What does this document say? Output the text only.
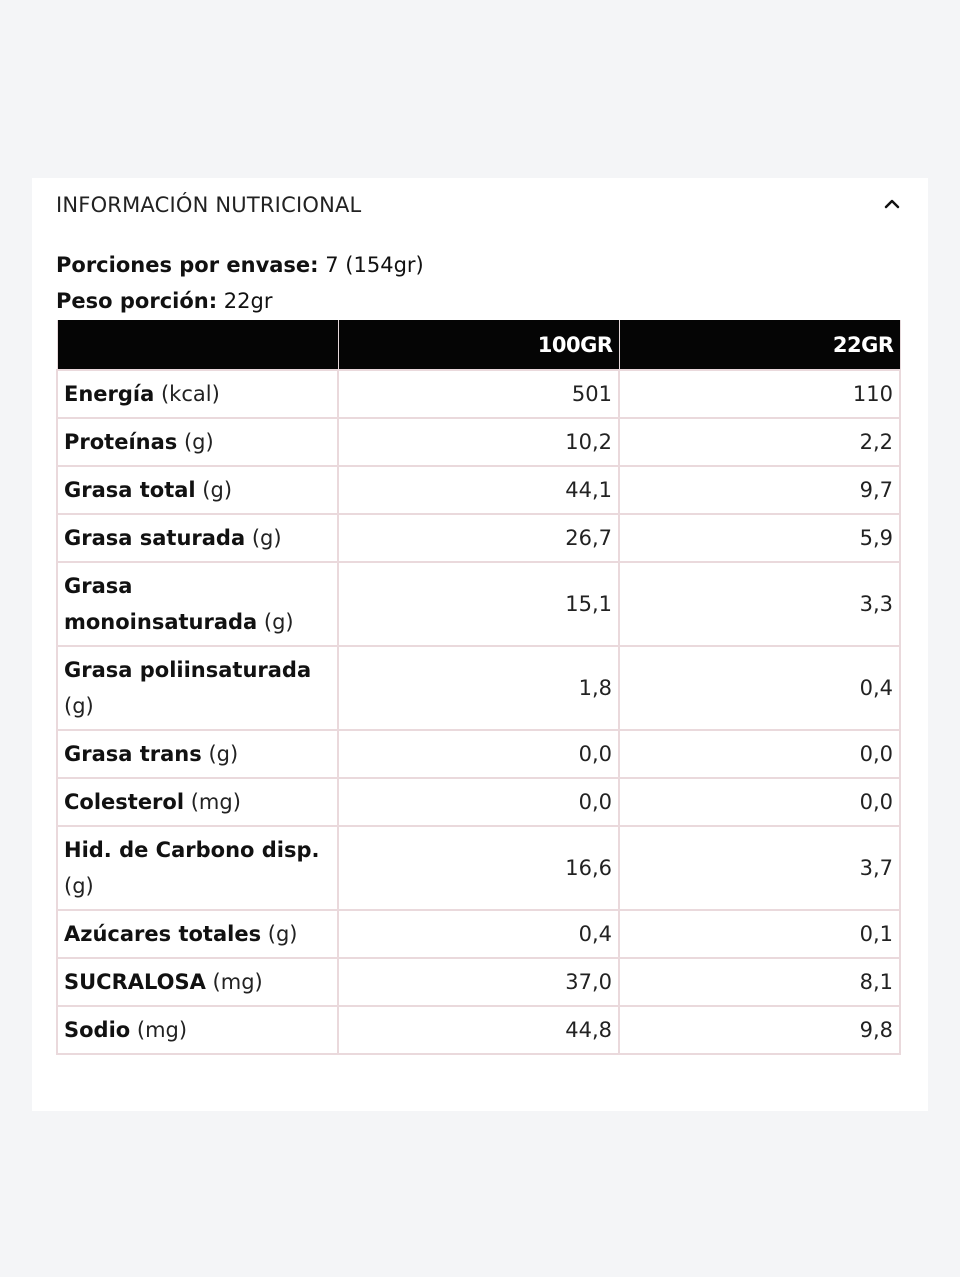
INFORMACIÓN NUTRICIONAL
Porciones por envase: 7 (154gr)
Peso porción: 22gr
	100GR	22GR
Energía (kcal)	501	110
Proteínas (g)	10,2	2,2
Grasa total (g)	44,1	9,7
Grasa saturada (g)	26,7	5,9
Grasa monoinsaturada (g)	15,1	3,3
Grasa poliinsaturada (g)	1,8	0,4
Grasa trans (g)	0,0	0,0
Colesterol (mg)	0,0	0,0
Hid. de Carbono disp. (g)	16,6	3,7
Azúcares totales (g)	0,4	0,1
SUCRALOSA (mg)	37,0	8,1
Sodio (mg)	44,8	9,8
